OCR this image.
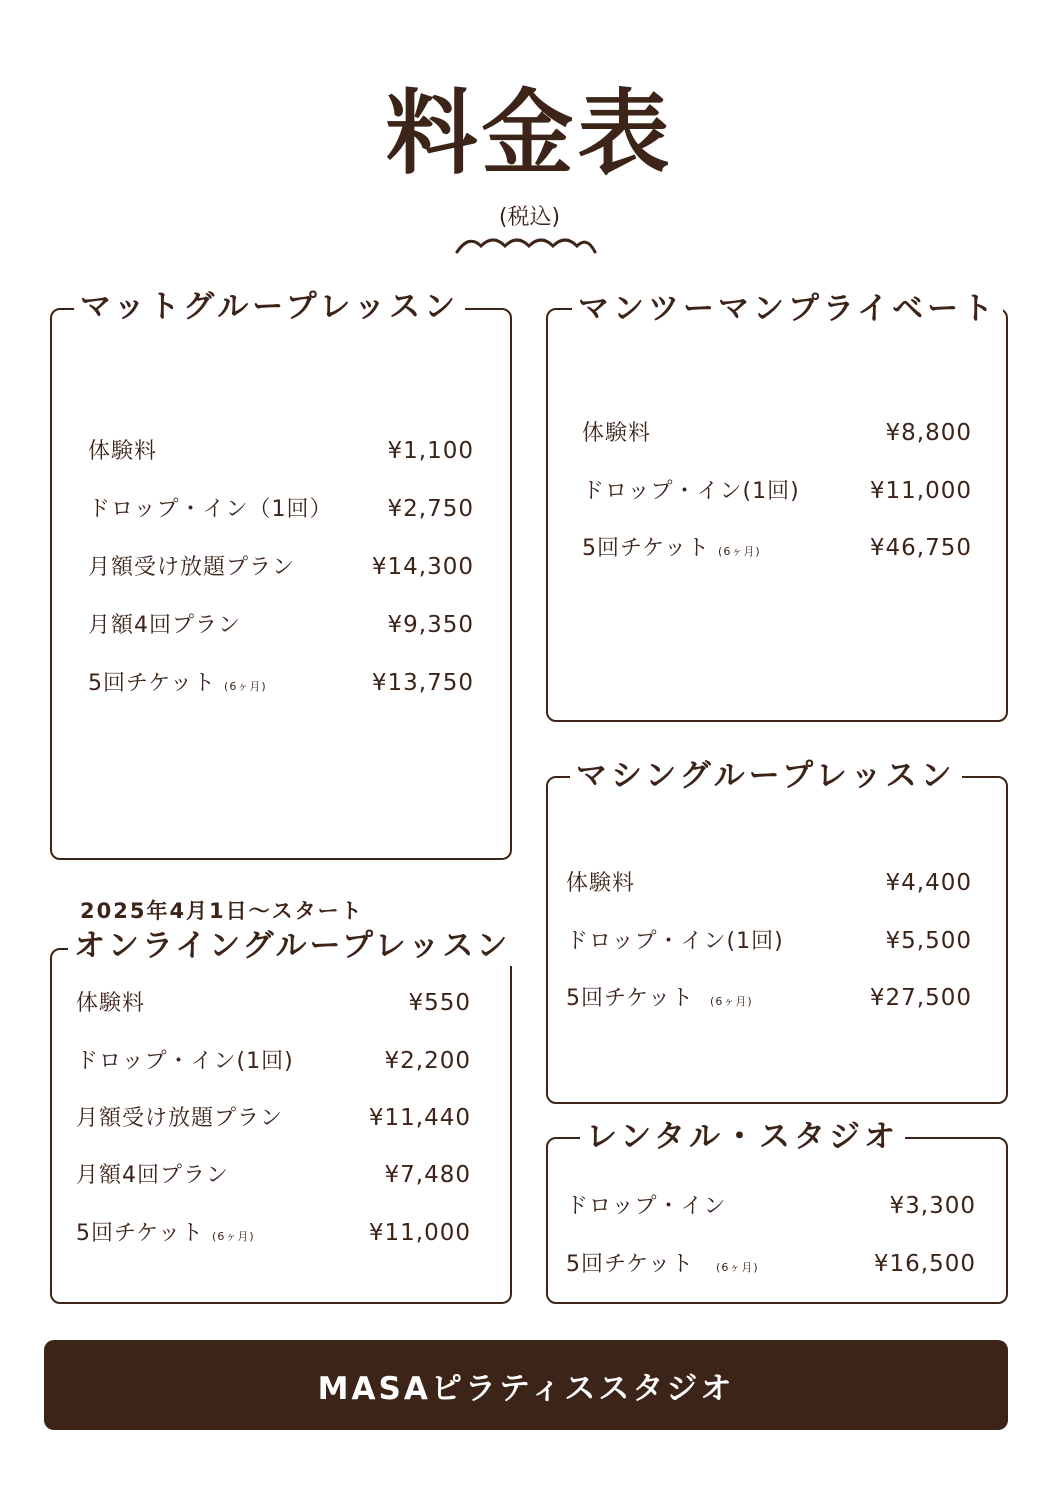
料金表
(税込)
マットグループレッスン
体験料	¥1,100
ドロップ・イン（1回） ¥2,750
月額受け放題プラン	¥14,300
月額4回プラン	¥9,350
5回チケット (6ヶ月)	¥13,750
マンツーマンプライベート
体験料	¥8,800
ドロップ・イン(1回)	¥11,000
5回チケット (6ヶ月)	¥46,750
2025年4月1日〜スタート
オンライングループレッスン
体験料	¥550
ドロップ・イン(1回)	¥2,200
月額受け放題プラン	¥11,440
月額4回プラン	¥7,480
5回チケット (6ヶ月)	¥11,000
マシングループレッスン
体験料	¥4,400
ドロップ・イン(1回)	¥5,500
5回チケット (6ヶ月)	¥27,500
レンタル・スタジオ
ドロップ・イン	¥3,300
5回チケット (6ヶ月)	¥16,500
MASAピラティススタジオ
